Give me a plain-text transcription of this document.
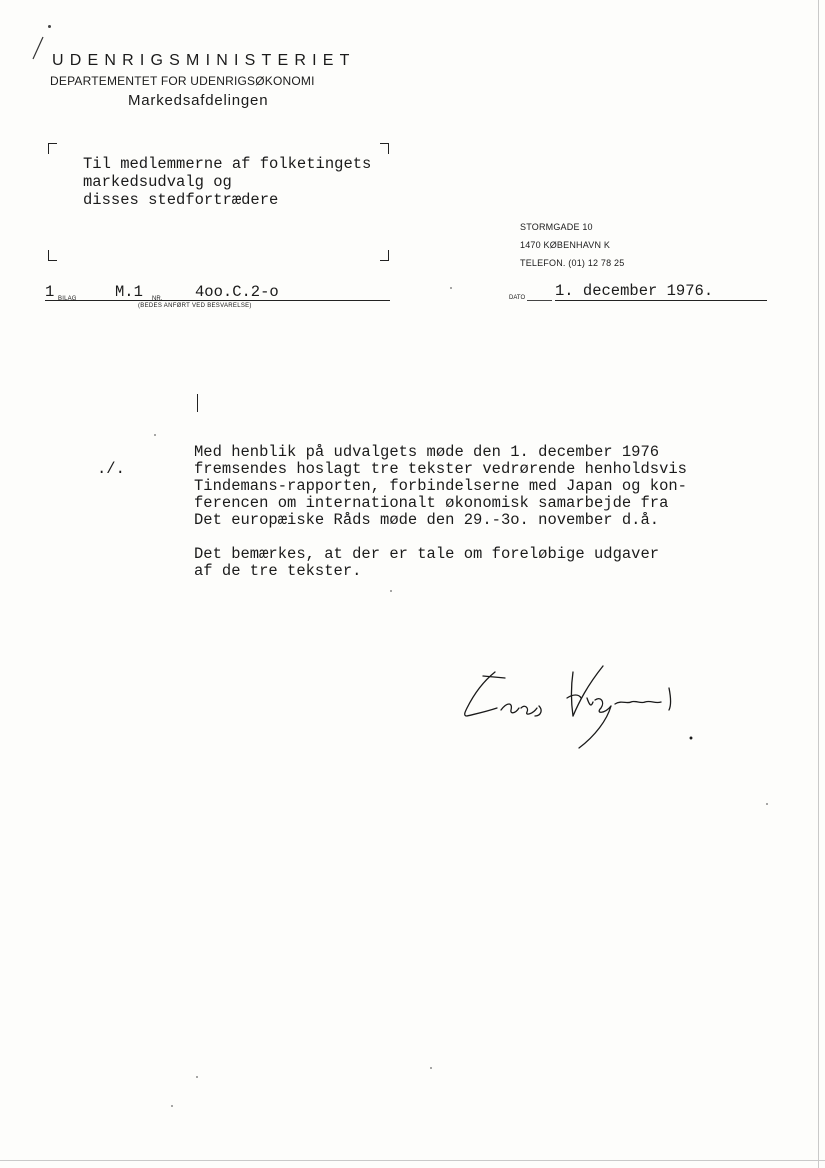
UDENRIGSMINISTERIET
DEPARTEMENTET FOR UDENRIGSØKONOMI
Markedsafdelingen
Til medlemmerne af folketingets
markedsudvalg og
disses stedfortrædere
STORMGADE 10
1470 KØBENHAVN K
TELEFON. (01) 12 78 25
1 BILAG M.1 NR. 4oo.C.2-o
(BEDES ANFØRT VED BESVARELSE)
DATO 1. december 1976.
./.
Med henblik på udvalgets møde den 1. december 1976
fremsendes hoslagt tre tekster vedrørende henholdsvis
Tindemans-rapporten, forbindelserne med Japan og kon-
ferencen om internationalt økonomisk samarbejde fra
Det europæiske Råds møde den 29.-3o. november d.å.
Det bemærkes, at der er tale om foreløbige udgaver
af de tre tekster.
